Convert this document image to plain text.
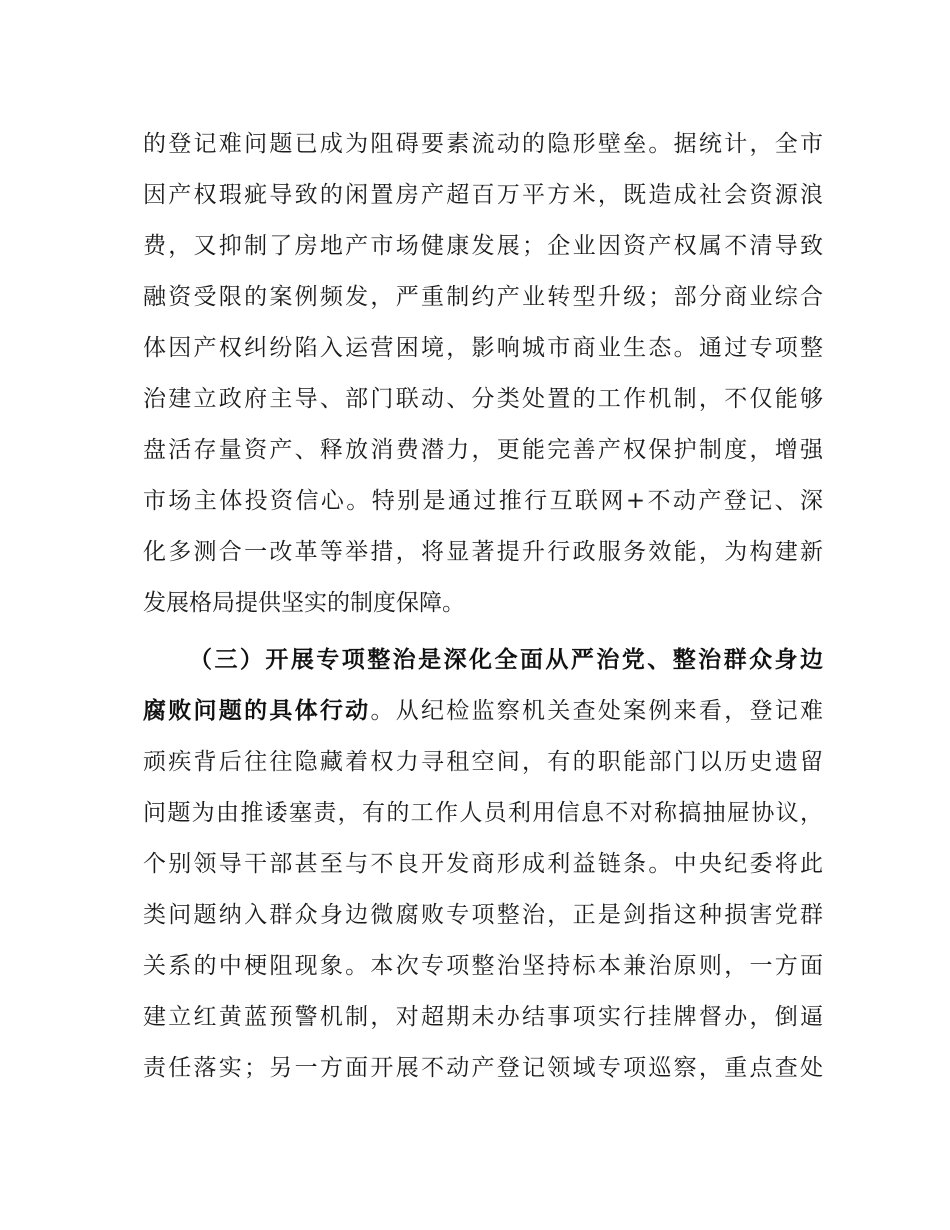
的登记难问题已成为阻碍要素流动的隐形壁垒。据统计，全市
因产权瑕疵导致的闲置房产超百万平方米，既造成社会资源浪
费，又抑制了房地产市场健康发展；企业因资产权属不清导致
融资受限的案例频发，严重制约产业转型升级；部分商业综合
体因产权纠纷陷入运营困境，影响城市商业生态。通过专项整
治建立政府主导、部门联动、分类处置的工作机制，不仅能够
盘活存量资产、释放消费潜力，更能完善产权保护制度，增强
市场主体投资信心。特别是通过推行互联网+不动产登记、深
化多测合一改革等举措，将显著提升行政服务效能，为构建新
发展格局提供坚实的制度保障。
（三）开展专项整治是深化全面从严治党、整治群众身边
腐败问题的具体行动。从纪检监察机关查处案例来看，登记难
顽疾背后往往隐藏着权力寻租空间，有的职能部门以历史遗留
问题为由推诿塞责，有的工作人员利用信息不对称搞抽屉协议，
个别领导干部甚至与不良开发商形成利益链条。中央纪委将此
类问题纳入群众身边微腐败专项整治，正是剑指这种损害党群
关系的中梗阻现象。本次专项整治坚持标本兼治原则，一方面
建立红黄蓝预警机制，对超期未办结事项实行挂牌督办，倒逼
责任落实；另一方面开展不动产登记领域专项巡察，重点查处
